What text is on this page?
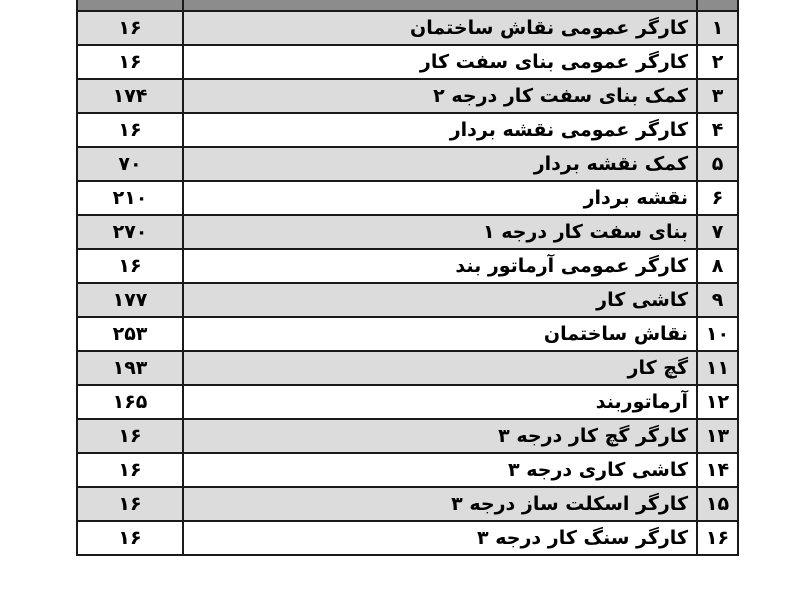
۱۶	کارگر عمومی نقاش ساختمان	۱
۱۶	کارگر عمومی بنای سفت کار	۲
۱۷۴	کمک بنای سفت کار درجه ۲	۳
۱۶	کارگر عمومی نقشه بردار	۴
۷۰	کمک نقشه بردار	۵
۲۱۰	نقشه بردار	۶
۲۷۰	بنای سفت کار درجه ۱	۷
۱۶	کارگر عمومی آرماتور بند	۸
۱۷۷	کاشی کار	۹
۲۵۳	نقاش ساختمان	۱۰
۱۹۳	گچ کار	۱۱
۱۶۵	آرماتوربند	۱۲
۱۶	کارگر گچ کار درجه ۳	۱۳
۱۶	کاشی کاری درجه ۳	۱۴
۱۶	کارگر اسکلت ساز درجه ۳	۱۵
۱۶	کارگر سنگ کار درجه ۳	۱۶
